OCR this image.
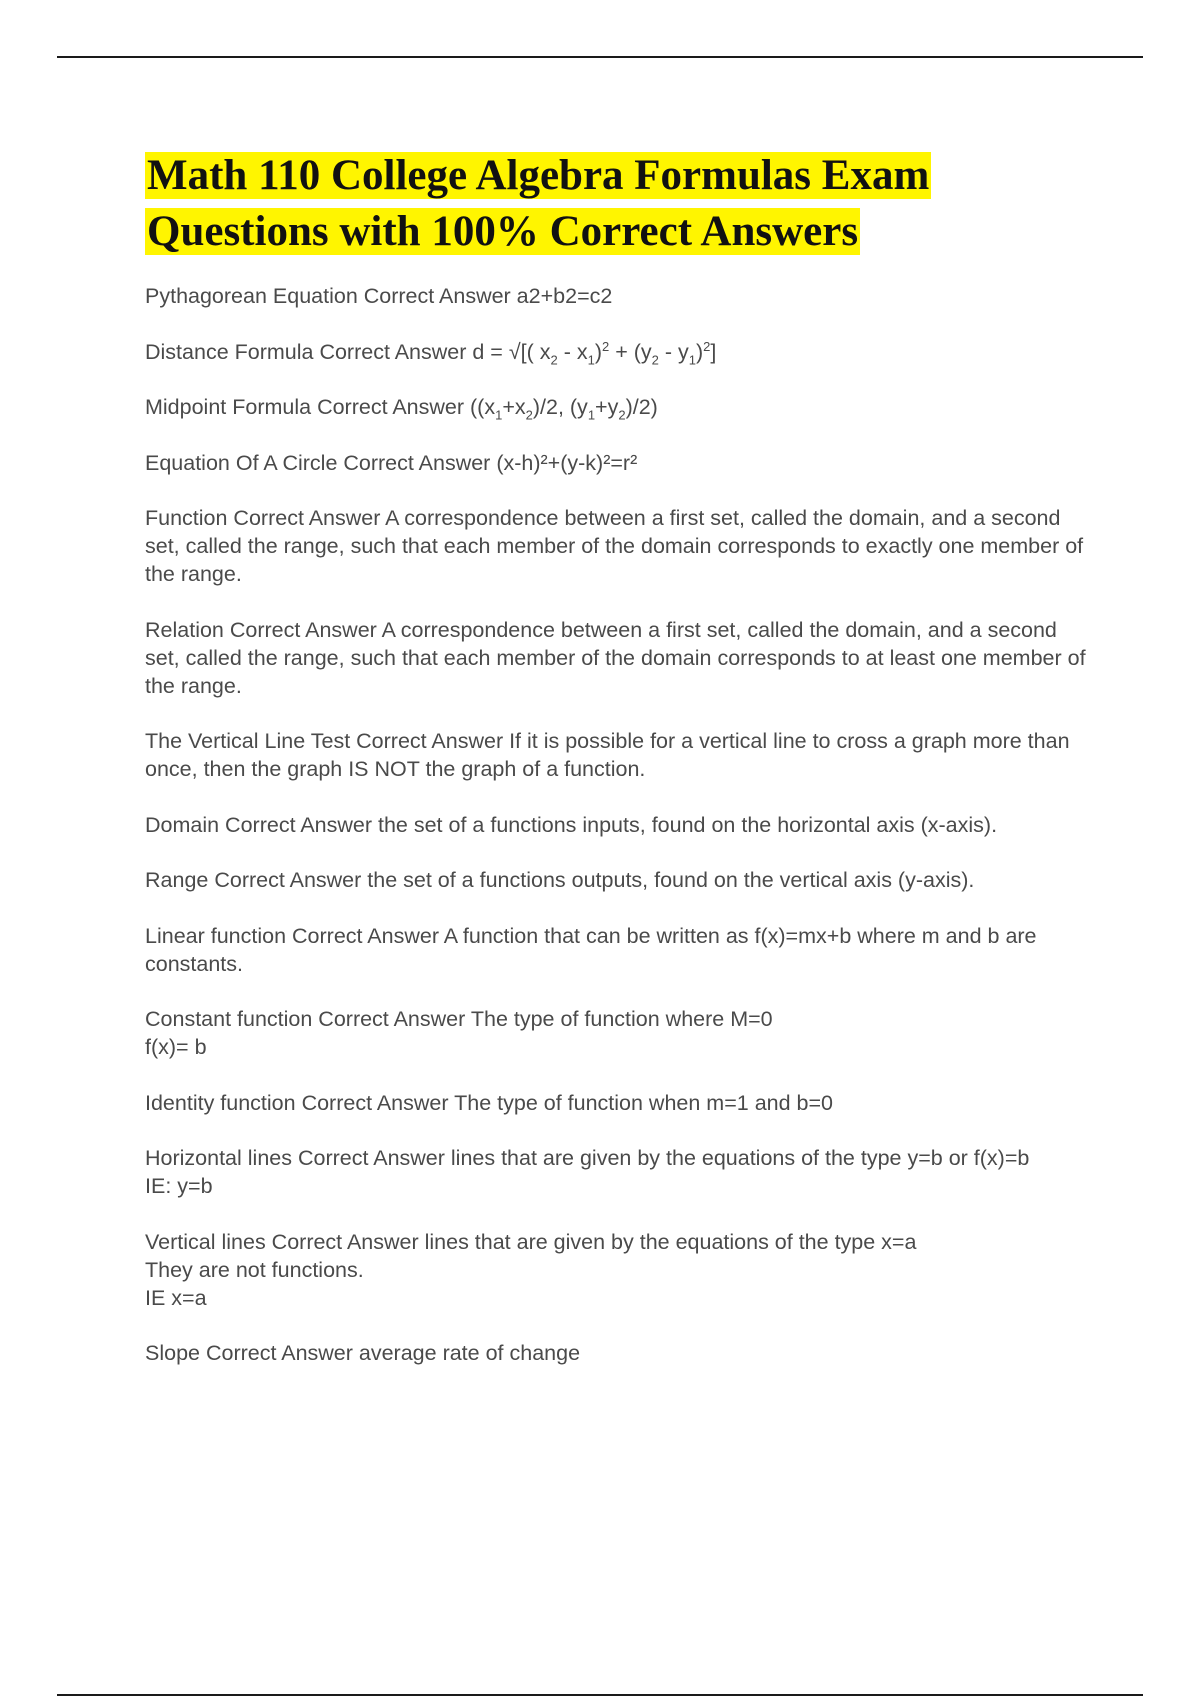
Math 110 College Algebra Formulas Exam
Questions with 100% Correct Answers

Pythagorean Equation Correct Answer a2+b2=c2

Distance Formula Correct Answer d = √[( $x_2 - x_1)^2 + (y_2 - y_1)^2$]

Midpoint Formula Correct Answer ($(x_1+x_2)/2$, $(y_1+y_2)/2$)

Equation Of A Circle Correct Answer (x-h)²+(y-k)²=r²

Function Correct Answer A correspondence between a first set, called the domain, and a second set, called the range, such that each member of the domain corresponds to exactly one member of the range.

Relation Correct Answer A correspondence between a first set, called the domain, and a second set, called the range, such that each member of the domain corresponds to at least one member of the range.

The Vertical Line Test Correct Answer If it is possible for a vertical line to cross a graph more than once, then the graph IS NOT the graph of a function.

Domain Correct Answer the set of a functions inputs, found on the horizontal axis (x-axis).

Range Correct Answer the set of a functions outputs, found on the vertical axis (y-axis).

Linear function Correct Answer A function that can be written as f(x)=mx+b where m and b are constants.

Constant function Correct Answer The type of function where M=0
f(x)= b

Identity function Correct Answer The type of function when m=1 and b=0

Horizontal lines Correct Answer lines that are given by the equations of the type y=b or f(x)=b
IE: y=b

Vertical lines Correct Answer lines that are given by the equations of the type x=a
They are not functions.
IE x=a

Slope Correct Answer average rate of change
